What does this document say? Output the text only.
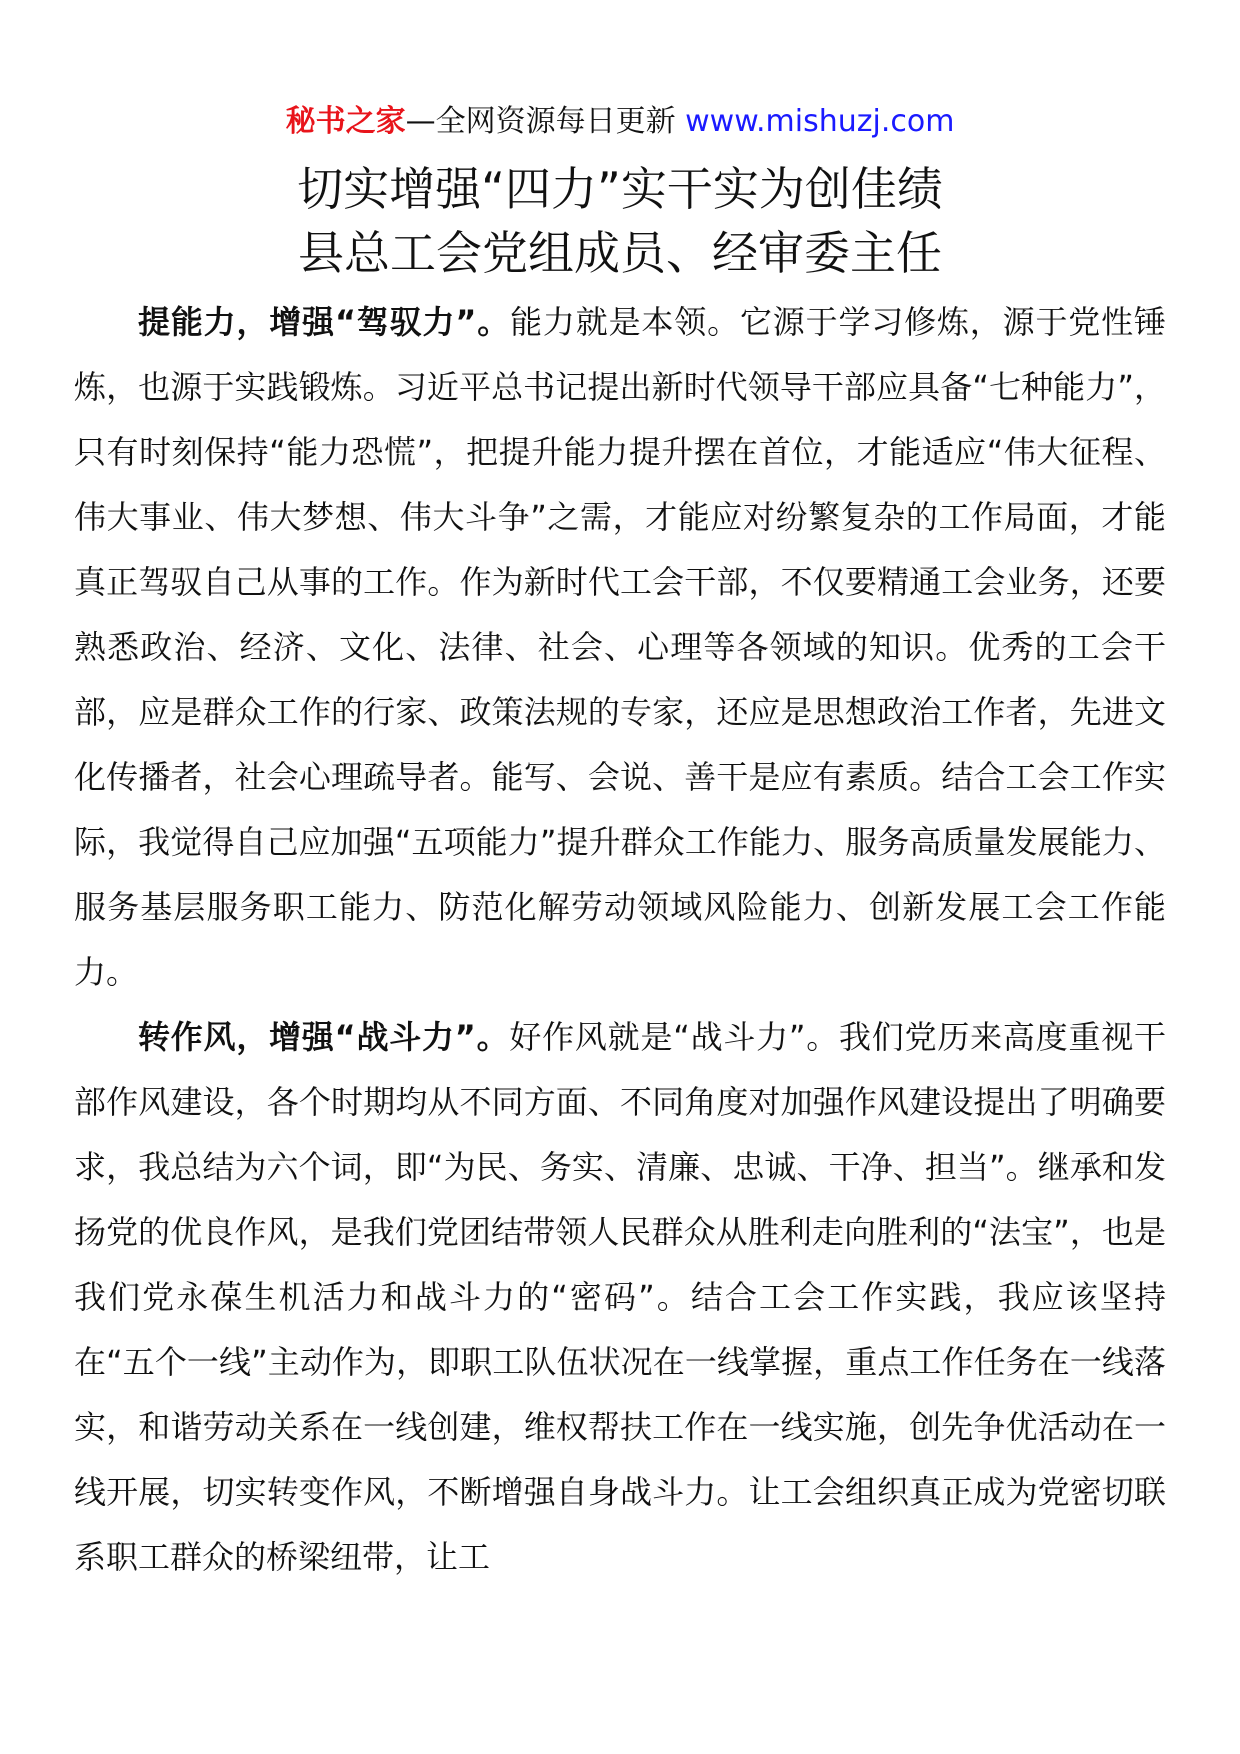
秘书之家—全网资源每日更新 www.mishuzj.com
切实增强“四力”实干实为创佳绩
县总工会党组成员、经审委主任

提能力，增强“驾驭力”。能力就是本领。它源于学习修炼，源于党性锤炼，也源于实践锻炼。习近平总书记提出新时代领导干部应具备“七种能力”，只有时刻保持“能力恐慌”，把提升能力提升摆在首位，才能适应“伟大征程、伟大事业、伟大梦想、伟大斗争”之需，才能应对纷繁复杂的工作局面，才能真正驾驭自己从事的工作。作为新时代工会干部，不仅要精通工会业务，还要熟悉政治、经济、文化、法律、社会、心理等各领域的知识。优秀的工会干部，应是群众工作的行家、政策法规的专家，还应是思想政治工作者，先进文化传播者，社会心理疏导者。能写、会说、善干是应有素质。结合工会工作实际，我觉得自己应加强“五项能力”提升群众工作能力、服务高质量发展能力、服务基层服务职工能力、防范化解劳动领域风险能力、创新发展工会工作能力。

转作风，增强“战斗力”。好作风就是“战斗力”。我们党历来高度重视干部作风建设，各个时期均从不同方面、不同角度对加强作风建设提出了明确要求，我总结为六个词，即“为民、务实、清廉、忠诚、干净、担当”。继承和发扬党的优良作风，是我们党团结带领人民群众从胜利走向胜利的“法宝”，也是我们党永葆生机活力和战斗力的“密码”。结合工会工作实践，我应该坚持在“五个一线”主动作为，即职工队伍状况在一线掌握，重点工作任务在一线落实，和谐劳动关系在一线创建，维权帮扶工作在一线实施，创先争优活动在一线开展，切实转变作风，不断增强自身战斗力。让工会组织真正成为党密切联系职工群众的桥梁纽带，让工
